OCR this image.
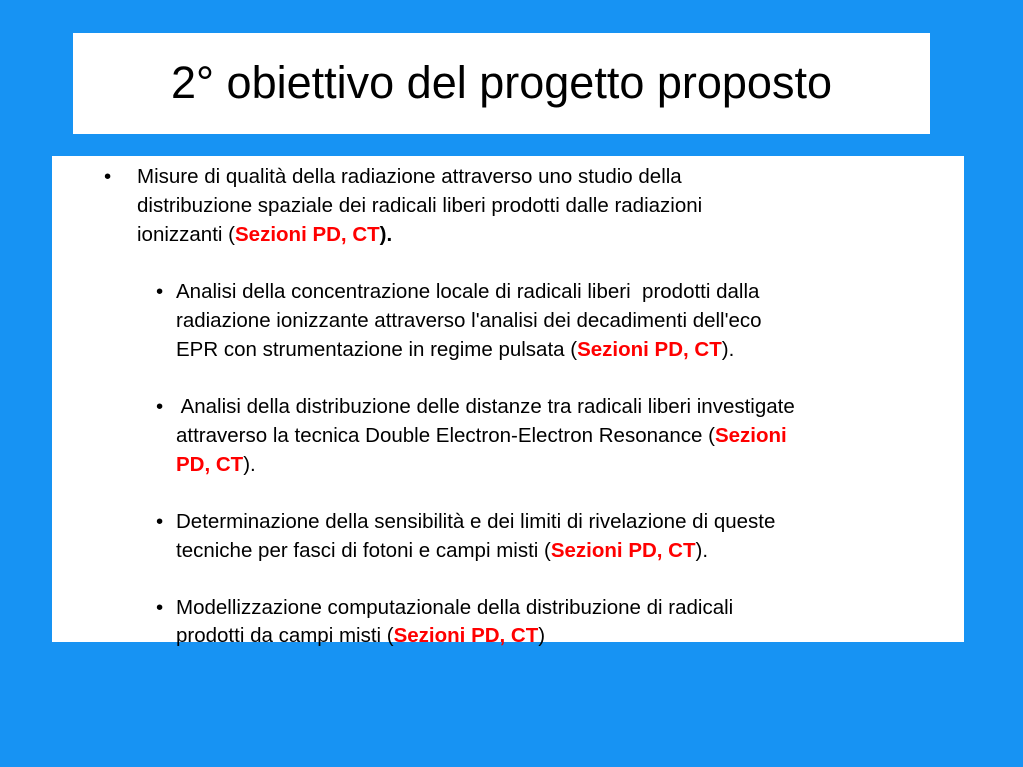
2° obiettivo del progetto proposto
• Misure di qualità della radiazione attraverso uno studio della

distribuzione spaziale dei radicali liberi prodotti dalle radiazioni

ionizzanti (Sezioni PD, CT).

• Analisi della concentrazione locale di radicali liberi  prodotti dalla

radiazione ionizzante attraverso l'analisi dei decadimenti dell'eco

EPR con strumentazione in regime pulsata (Sezioni PD, CT).

• Analisi della distribuzione delle distanze tra radicali liberi investigate

attraverso la tecnica Double Electron-Electron Resonance (Sezioni

PD, CT).

• Determinazione della sensibilità e dei limiti di rivelazione di queste

tecniche per fasci di fotoni e campi misti (Sezioni PD, CT).

• Modellizzazione computazionale della distribuzione di radicali

prodotti da campi misti (Sezioni PD, CT)
